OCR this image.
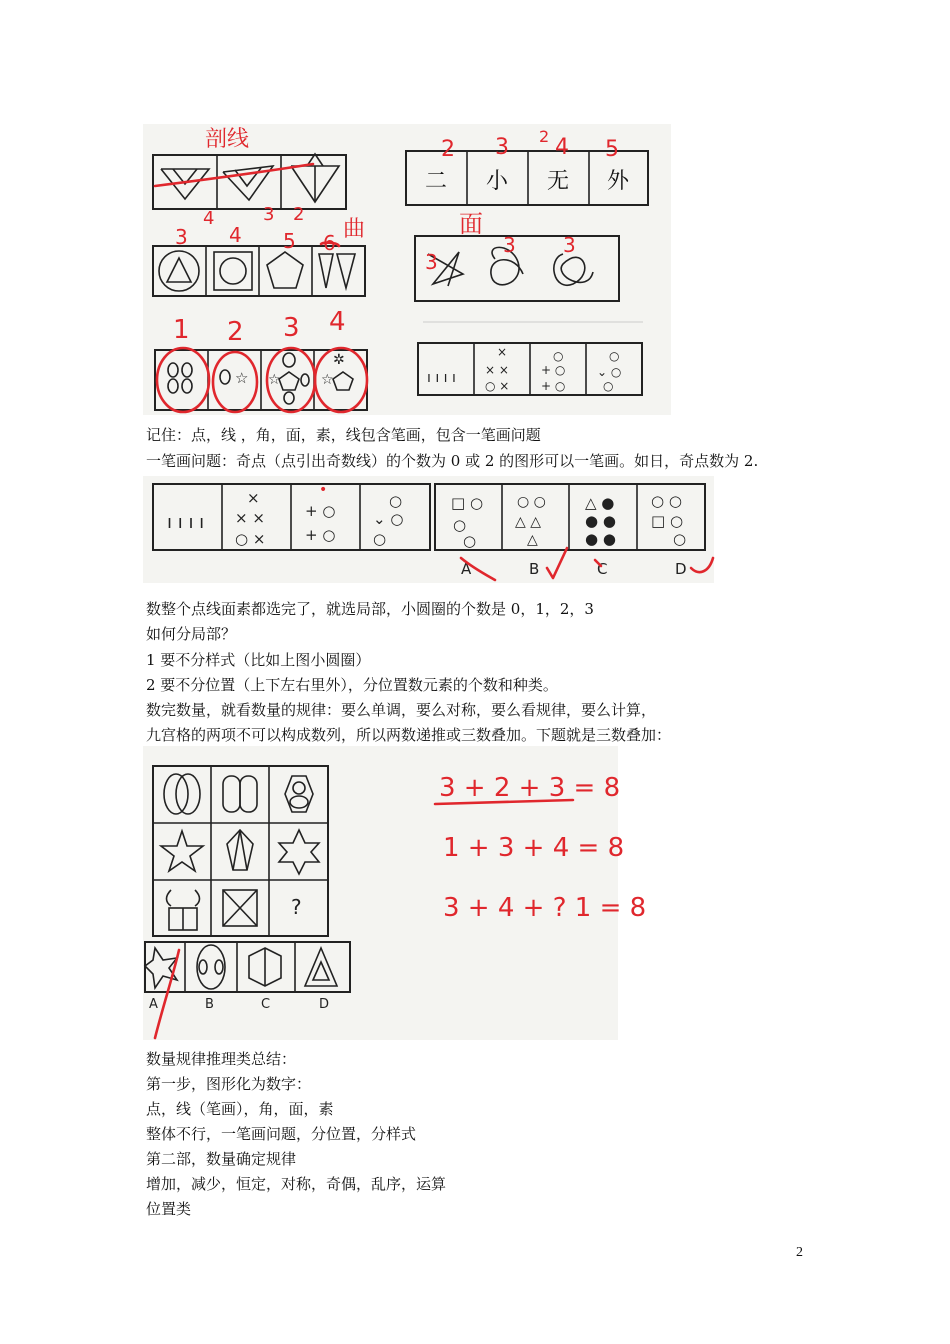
剖线
4	3 2
二 小 无 外
2 3 2 4 5
3 4 5 6
曲	面
3
3 3
☆ ☆	☆
✲
1 2 3 4
ı ı ı ı
×
× ×
○ ×
○
+ ○
+ ○
○
⌄ ○
○
记住：点，线 ，角，面，素，线包含笔画，包含一笔画问题
一笔画问题：奇点（点引出奇数线）的个数为 0 或 2 的图形可以一笔画。如日，奇点数为 2.
ı ı ı ı
×
× ×
○ ×
•
+ ○
+ ○
○
⌄ ○
○
□ ○
○
○
○ ○
△ △
△
△ ●
● ●
● ●
○ ○
□ ○
○
A	B	C	D
数整个点线面素都选完了，就选局部，小圆圈的个数是 0，1，2，3
如何分局部？
1 要不分样式（比如上图小圆圈）
2 要不分位置（上下左右里外），分位置数元素的个数和种类。
数完数量，就看数量的规律：要么单调，要么对称，要么看规律，要么计算，
九宫格的两项不可以构成数列，所以两数递推或三数叠加。下题就是三数叠加：
?
A	B	C	D
3 + 2 + 3 = 8
1 + 3 + 4 = 8
3 + 4 + ? 1 = 8
数量规律推理类总结：
第一步，图形化为数字：
点，线（笔画），角，面，素
整体不行，一笔画问题，分位置，分样式
第二部，数量确定规律
增加，减少，恒定，对称，奇偶，乱序，运算
位置类
2
